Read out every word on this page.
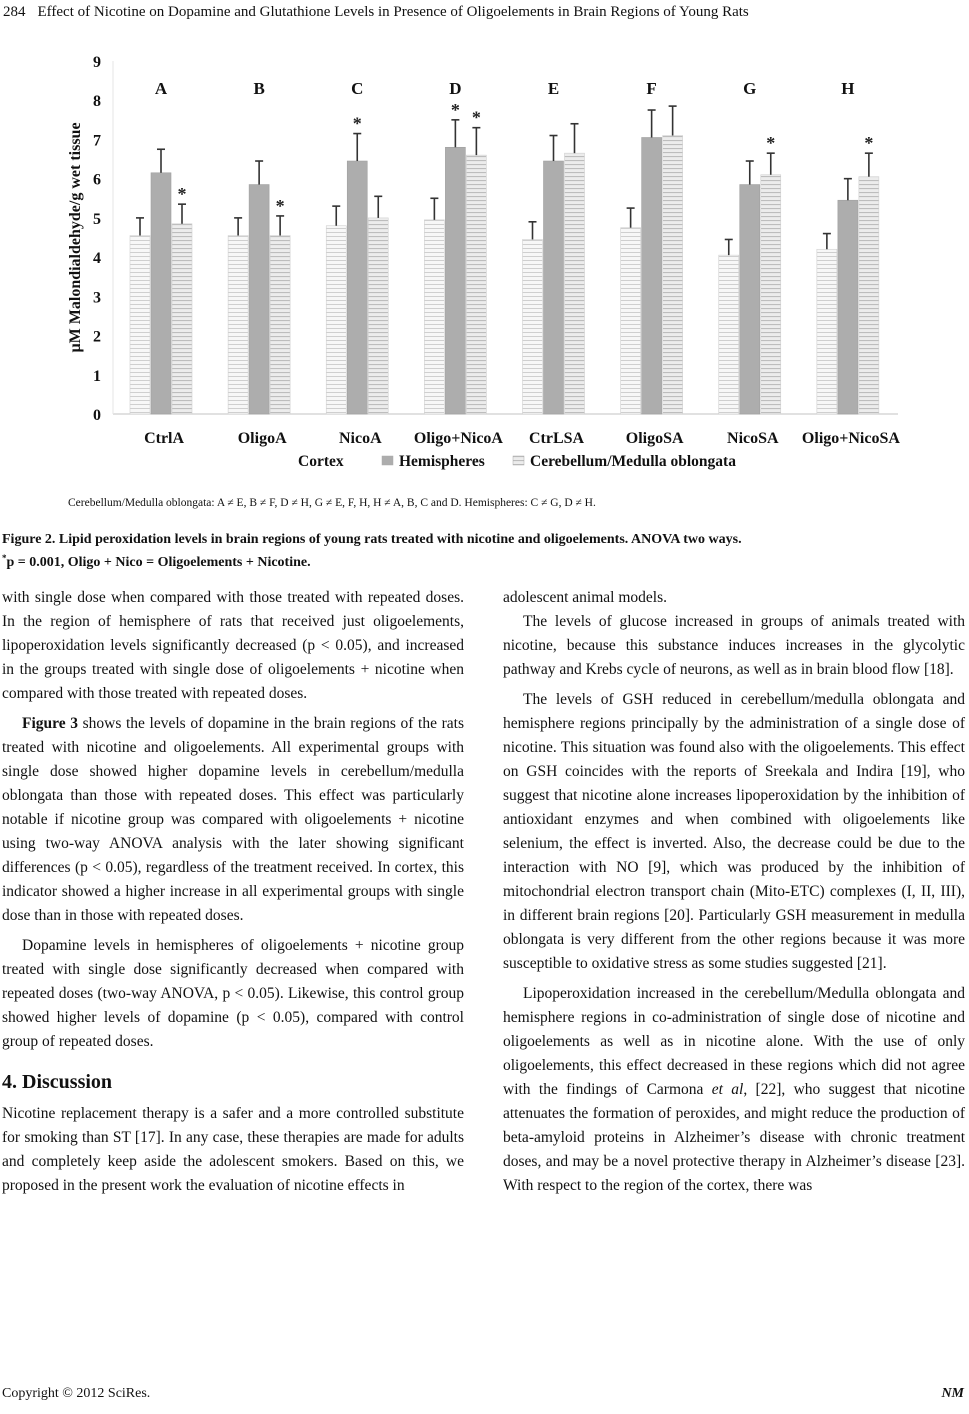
284 Effect of Nicotine on Dopamine and Glutathione Levels in Presence of Oligoelements in Brain Regions of Young Rats
0
1
2
3
4
5
6
7
8
9
µM Malondialdehyde/g wet tissue	*
A
CtrlA
*
B
OligoA
*
C
NicoA
* *
D
Oligo+NicoA
E
CtrLSA
F
OligoSA
*
G
NicoSA
*
H
Oligo+NicoSA
Cortex	Hemispheres	Cerebellum/Medulla oblongata
Cerebellum/Medulla oblongata: A ≠ E, B ≠ F, D ≠ H, G ≠ E, F, H, H ≠ A, B, C and D. Hemispheres: C ≠ G, D ≠ H.
Figure 2. Lipid peroxidation levels in brain regions of young rats treated with nicotine and oligoelements. ANOVA two ways.
*p = 0.001, Oligo + Nico = Oligoelements + Nicotine.

with single dose when compared with those treated with repeated doses. In the region of hemisphere of rats that received just oligoelements, lipoperoxidation levels significantly decreased (p < 0.05), and increased in the groups treated with single dose of oligoelements + nicotine when compared with those treated with repeated doses.

Figure 3 shows the levels of dopamine in the brain regions of the rats treated with nicotine and oligoelements. All experimental groups with single dose showed higher dopamine levels in cerebellum/medulla oblongata than those with repeated doses. This effect was particularly notable if nicotine group was compared with oligoelements + nicotine using two-way ANOVA analysis with the later showing significant differences (p < 0.05), regardless of the treatment received. In cortex, this indicator showed a higher increase in all experimental groups with single dose than in those with repeated doses.

Dopamine levels in hemispheres of oligoelements + nicotine group treated with single dose significantly decreased when compared with repeated doses (two-way ANOVA, p < 0.05). Likewise, this control group showed higher levels of dopamine (p < 0.05), compared with control group of repeated doses.

4. Discussion

Nicotine replacement therapy is a safer and a more controlled substitute for smoking than ST [17]. In any case, these therapies are made for adults and completely keep aside the adolescent smokers. Based on this, we proposed in the present work the evaluation of nicotine effects in

adolescent animal models.

The levels of glucose increased in groups of animals treated with nicotine, because this substance induces increases in the glycolytic pathway and Krebs cycle of neurons, as well as in brain blood flow [18].

The levels of GSH reduced in cerebellum/medulla oblongata and hemisphere regions principally by the administration of a single dose of nicotine. This situation was found also with the oligoelements. This effect on GSH coincides with the reports of Sreekala and Indira [19], who suggest that nicotine alone increases lipoperoxidation by the inhibition of antioxidant enzymes and when combined with oligoelements like selenium, the effect is inverted. Also, the decrease could be due to the interaction with NO [9], which was produced by the inhibition of mitochondrial electron transport chain (Mito-ETC) complexes (I, II, III), in different brain regions [20]. Particularly GSH measurement in medulla oblongata is very different from the other regions because it was more susceptible to oxidative stress as some studies suggested [21].

Lipoperoxidation increased in the cerebellum/Medulla oblongata and hemisphere regions in co-administration of single dose of nicotine and oligoelements as well as in nicotine alone. With the use of only oligoelements, this effect decreased in these regions which did not agree with the findings of Carmona et al, [22], who suggest that nicotine attenuates the formation of peroxides, and might reduce the production of beta-amyloid proteins in Alzheimer’s disease with chronic treatment doses, and may be a novel protective therapy in Alzheimer’s disease [23]. With respect to the region of the cortex, there was

Copyright © 2012 SciRes.	NM
